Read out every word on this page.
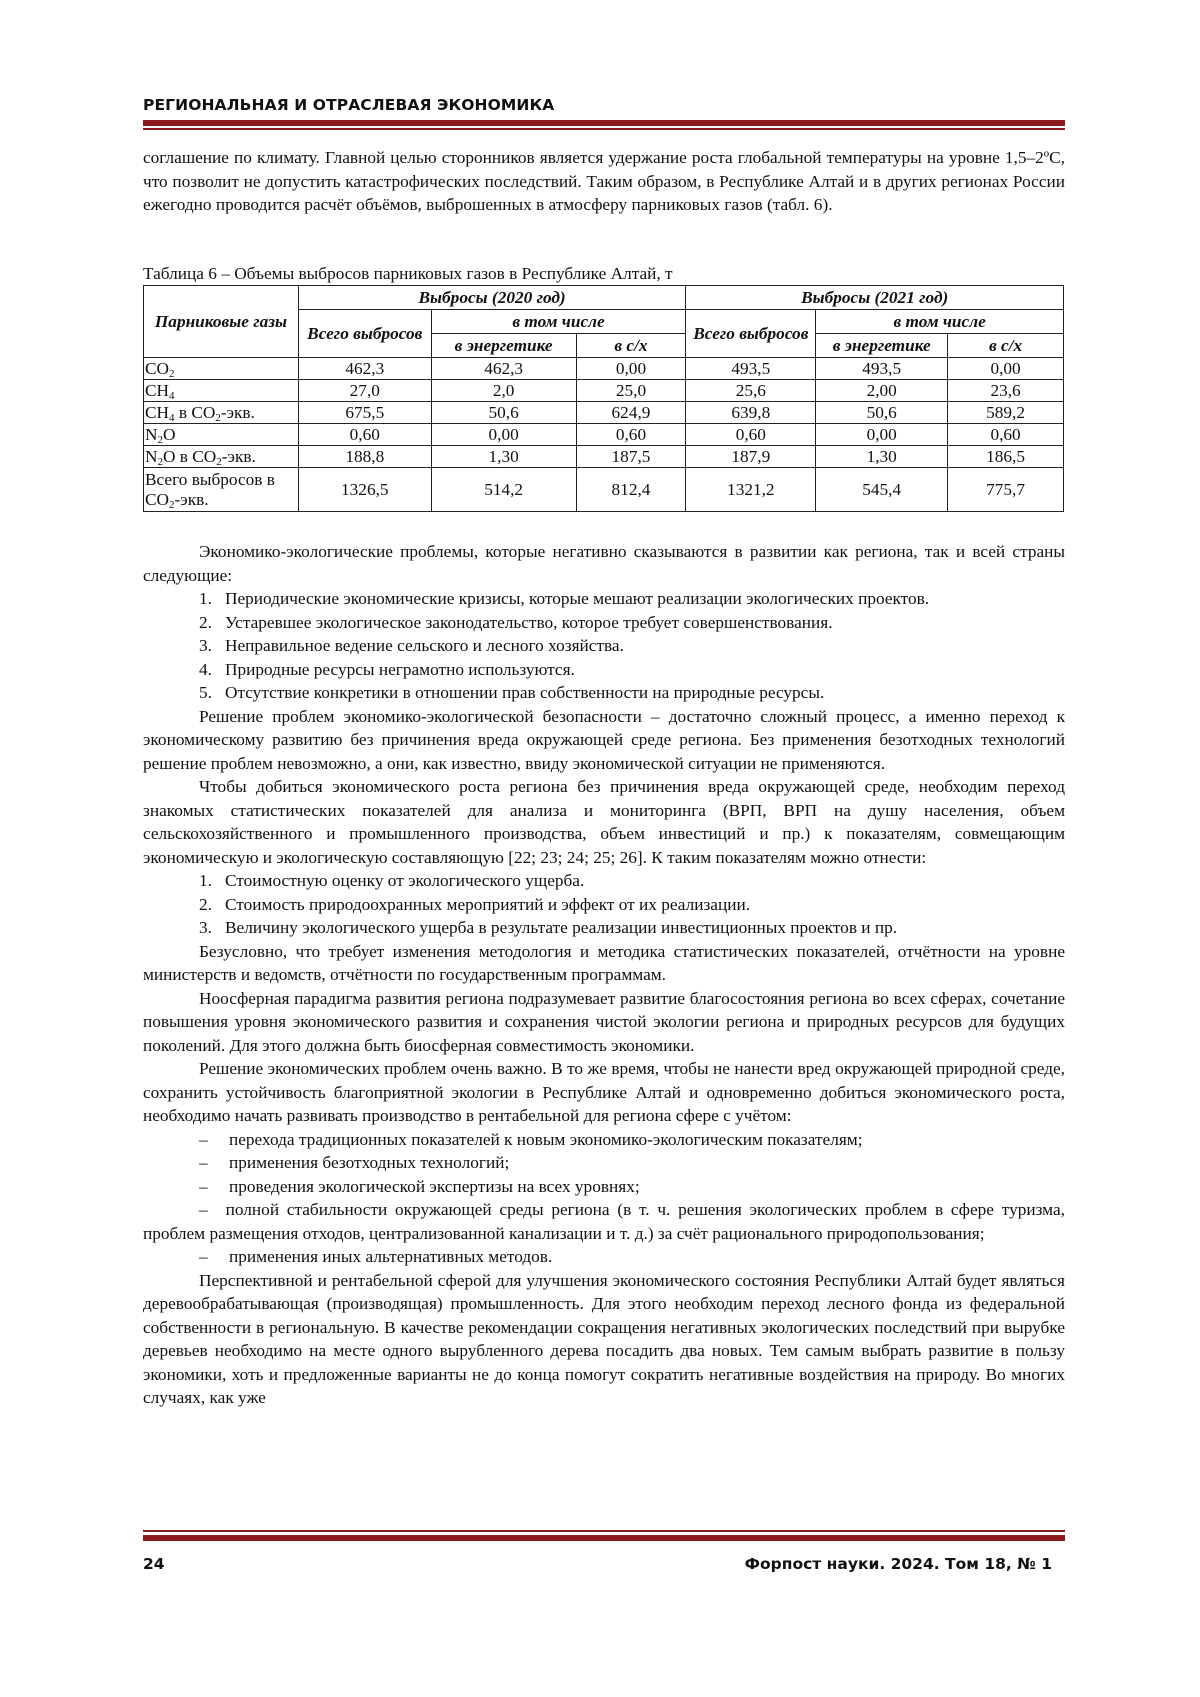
РЕГИОНАЛЬНАЯ И ОТРАСЛЕВАЯ ЭКОНОМИКА

соглашение по климату. Главной целью сторонников является удержание роста глобальной температуры на уровне 1,5–2ºС, что позволит не допустить катастрофических последствий. Таким образом, в Республике Алтай и в других регионах России ежегодно проводится расчёт объёмов, выброшенных в атмосферу парниковых газов (табл. 6).

Таблица 6 – Объемы выбросов парниковых газов в Республике Алтай, т
Парниковые газы	Выбросы (2020 год)			Выбросы (2021 год)		
	Всего выбросов	в том числе		Всего выбросов	в том числе	
		в энергетике	в с/х		в энергетике	в с/х
$CO_2$	462,3	462,3	0,00	493,5	493,5	0,00
$CH_4$	27,0	2,0	25,0	25,6	2,00	23,6
$CH_4$ в $CO_2$-экв.	675,5	50,6	624,9	639,8	50,6	589,2
$N_2O$	0,60	0,00	0,60	0,60	0,00	0,60
$N_2O$ в $CO_2$-экв.	188,8	1,30	187,5	187,9	1,30	186,5
Всего выбросов в $CO_2$-экв.	1326,5	514,2	812,4	1321,2	545,4	775,7

Экономико-экологические проблемы, которые негативно сказываются в развитии как региона, так и всей страны следующие:

1. Периодические экономические кризисы, которые мешают реализации экологических проектов.
2. Устаревшее экологическое законодательство, которое требует совершенствования.
3. Неправильное ведение сельского и лесного хозяйства.
4. Природные ресурсы неграмотно используются.
5. Отсутствие конкретики в отношении прав собственности на природные ресурсы.

Решение проблем экономико-экологической безопасности – достаточно сложный процесс, а именно переход к экономическому развитию без причинения вреда окружающей среде региона. Без применения безотходных технологий решение проблем невозможно, а они, как известно, ввиду экономической ситуации не применяются.

Чтобы добиться экономического роста региона без причинения вреда окружающей среде, необходим переход знакомых статистических показателей для анализа и мониторинга (ВРП, ВРП на душу населения, объем сельскохозяйственного и промышленного производства, объем инвестиций и пр.) к показателям, совмещающим экономическую и экологическую составляющую [22; 23; 24; 25; 26]. К таким показателям можно отнести:

1. Стоимостную оценку от экологического ущерба.
2. Стоимость природоохранных мероприятий и эффект от их реализации.
3. Величину экологического ущерба в результате реализации инвестиционных проектов и пр.

Безусловно, что требует изменения методология и методика статистических показателей, отчётности на уровне министерств и ведомств, отчётности по государственным программам.

Ноосферная парадигма развития региона подразумевает развитие благосостояния региона во всех сферах, сочетание повышения уровня экономического развития и сохранения чистой экологии региона и природных ресурсов для будущих поколений. Для этого должна быть биосферная совместимость экономики.

Решение экономических проблем очень важно. В то же время, чтобы не нанести вред окружающей природной среде, сохранить устойчивость благоприятной экологии в Республике Алтай и одновременно добиться экономического роста, необходимо начать развивать производство в рентабельной для региона сфере с учётом:

–	перехода традиционных показателей к новым экономико-экологическим показателям;
–	применения безотходных технологий;
–	проведения экологической экспертизы на всех уровнях;

– полной стабильности окружающей среды региона (в т. ч. решения экологических проблем в сфере туризма, проблем размещения отходов, централизованной канализации и т. д.) за счёт рационального природопользования;

–	применения иных альтернативных методов.

Перспективной и рентабельной сферой для улучшения экономического состояния Республики Алтай будет являться деревообрабатывающая (производящая) промышленность. Для этого необходим переход лесного фонда из федеральной собственности в региональную. В качестве рекомендации сокращения негативных экологических последствий при вырубке деревьев необходимо на месте одного вырубленного дерева посадить два новых. Тем самым выбрать развитие в пользу экономики, хоть и предложенные варианты не до конца помогут сократить негативные воздействия на природу. Во многих случаях, как уже

24	Форпост науки. 2024. Том 18, № 1
